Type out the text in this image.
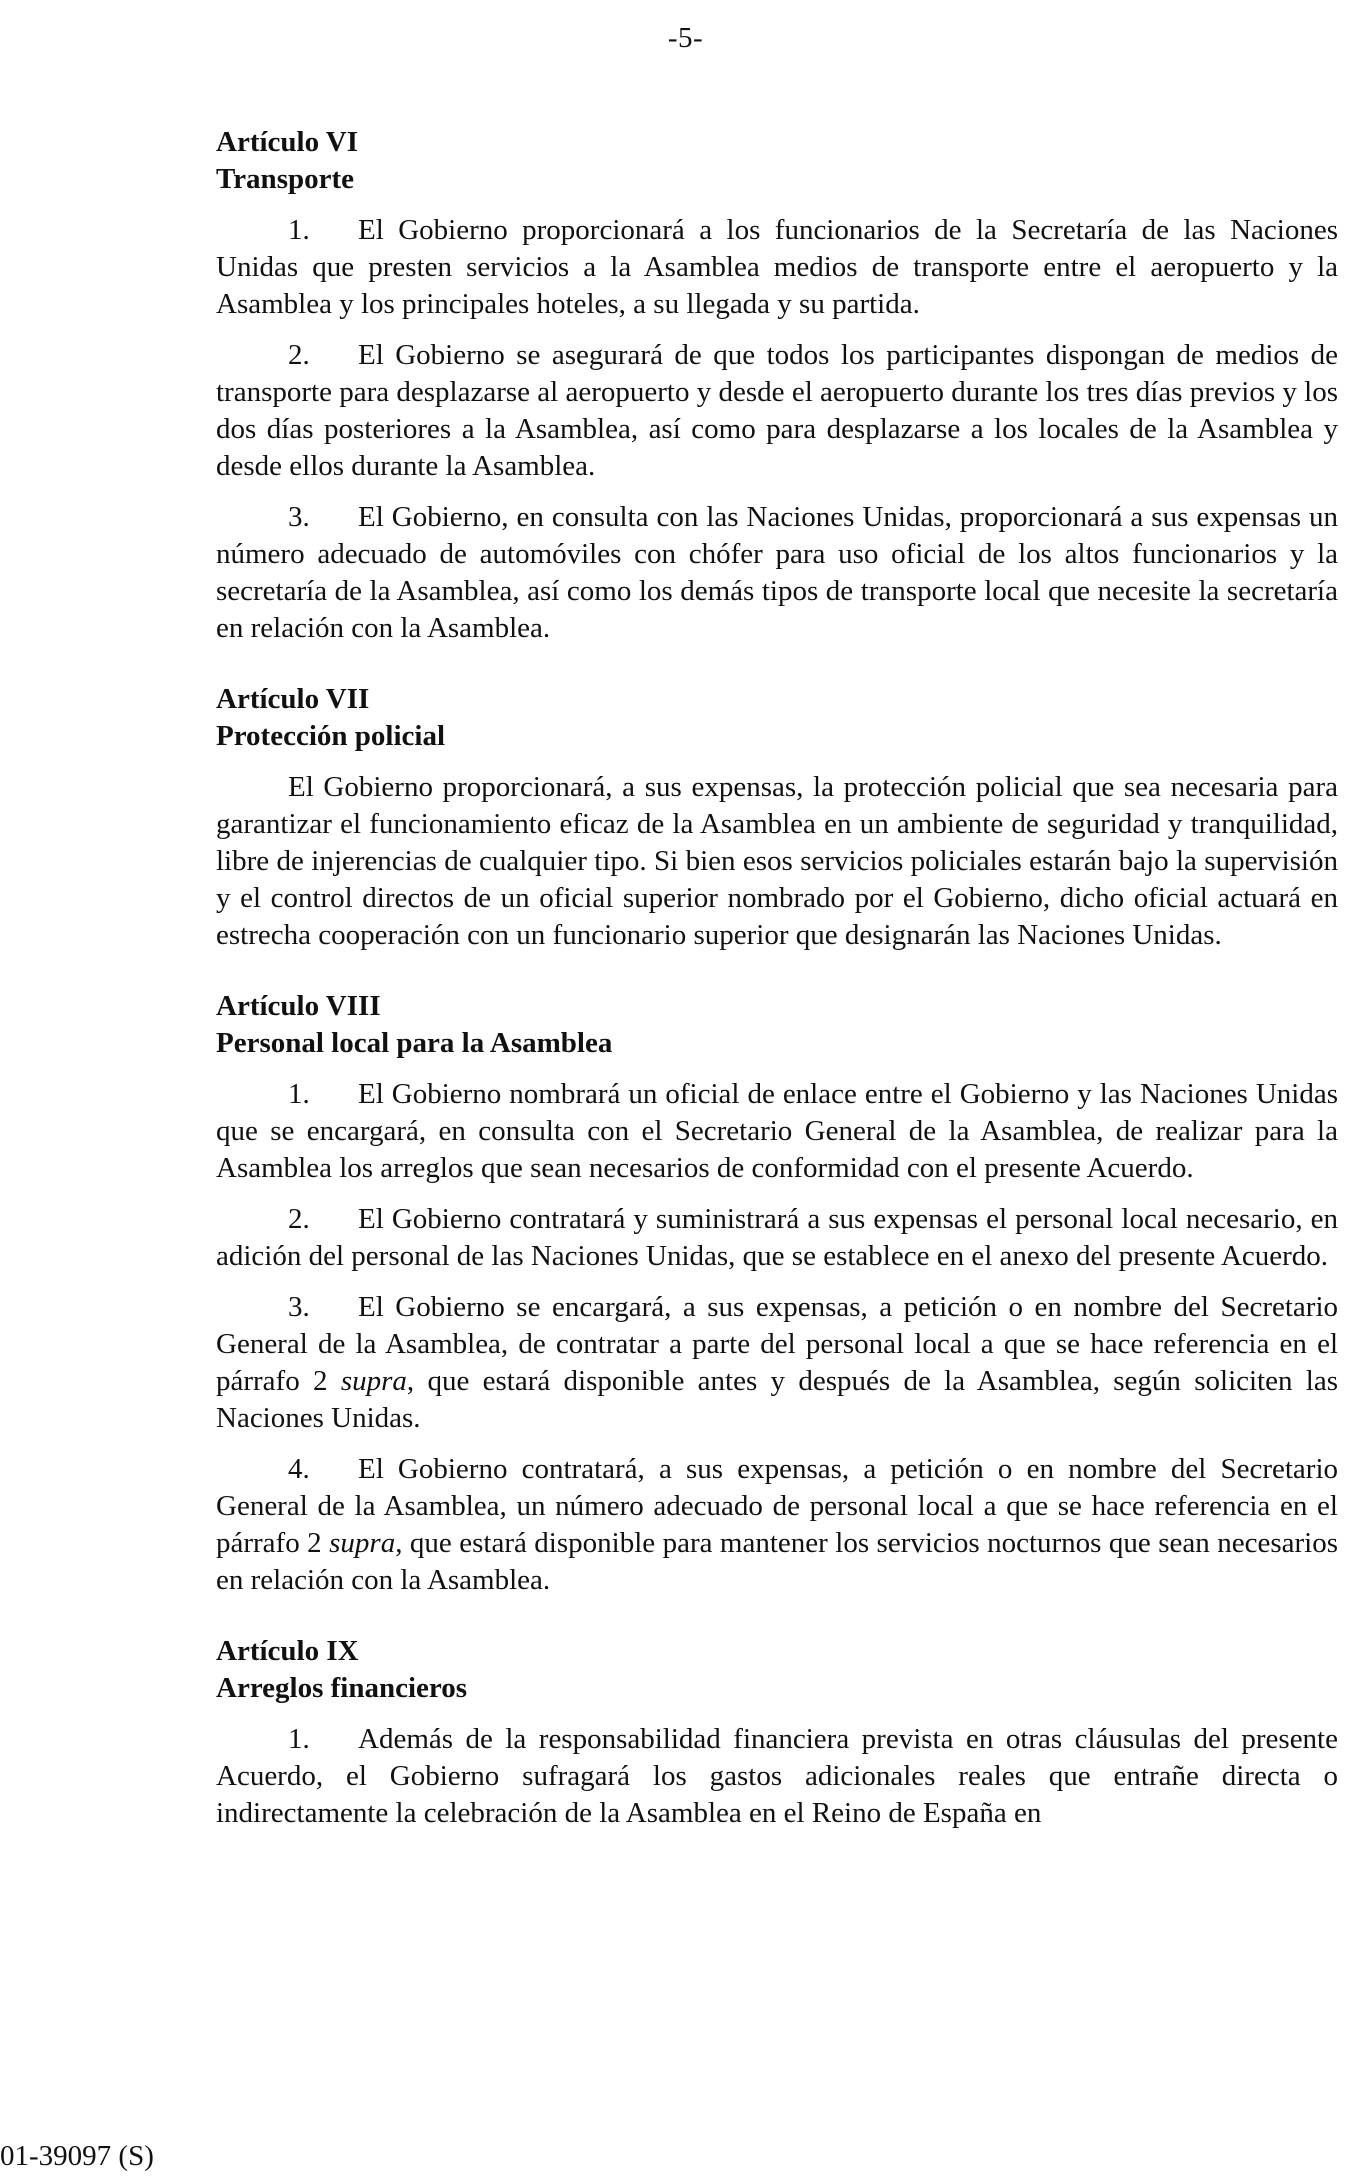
-5-
Artículo VI
Transporte

1. El Gobierno proporcionará a los funcionarios de la Secretaría de las Naciones Unidas que presten servicios a la Asamblea medios de transporte entre el aeropuerto y la Asamblea y los principales hoteles, a su llegada y su partida.

2. El Gobierno se asegurará de que todos los participantes dispongan de medios de transporte para desplazarse al aeropuerto y desde el aeropuerto durante los tres días previos y los dos días posteriores a la Asamblea, así como para desplazarse a los locales de la Asamblea y desde ellos durante la Asamblea.

3. El Gobierno, en consulta con las Naciones Unidas, proporcionará a sus expensas un número adecuado de automóviles con chófer para uso oficial de los altos funcionarios y la secretaría de la Asamblea, así como los demás tipos de transporte local que necesite la secretaría en relación con la Asamblea.

Artículo VII
Protección policial

El Gobierno proporcionará, a sus expensas, la protección policial que sea necesaria para garantizar el funcionamiento eficaz de la Asamblea en un ambiente de seguridad y tranquilidad, libre de injerencias de cualquier tipo. Si bien esos servicios policiales estarán bajo la supervisión y el control directos de un oficial superior nombrado por el Gobierno, dicho oficial actuará en estrecha cooperación con un funcionario superior que designarán las Naciones Unidas.

Artículo VIII
Personal local para la Asamblea

1. El Gobierno nombrará un oficial de enlace entre el Gobierno y las Naciones Unidas que se encargará, en consulta con el Secretario General de la Asamblea, de realizar para la Asamblea los arreglos que sean necesarios de conformidad con el presente Acuerdo.

2. El Gobierno contratará y suministrará a sus expensas el personal local necesario, en adición del personal de las Naciones Unidas, que se establece en el anexo del presente Acuerdo.

3. El Gobierno se encargará, a sus expensas, a petición o en nombre del Secretario General de la Asamblea, de contratar a parte del personal local a que se hace referencia en el párrafo 2 supra, que estará disponible antes y después de la Asamblea, según soliciten las Naciones Unidas.

4. El Gobierno contratará, a sus expensas, a petición o en nombre del Secretario General de la Asamblea, un número adecuado de personal local a que se hace referencia en el párrafo 2 supra, que estará disponible para mantener los servicios nocturnos que sean necesarios en relación con la Asamblea.

Artículo IX
Arreglos financieros

1. Además de la responsabilidad financiera prevista en otras cláusulas del presente Acuerdo, el Gobierno sufragará los gastos adicionales reales que entrañe directa o indirectamente la celebración de la Asamblea en el Reino de España en

01-39097 (S)
